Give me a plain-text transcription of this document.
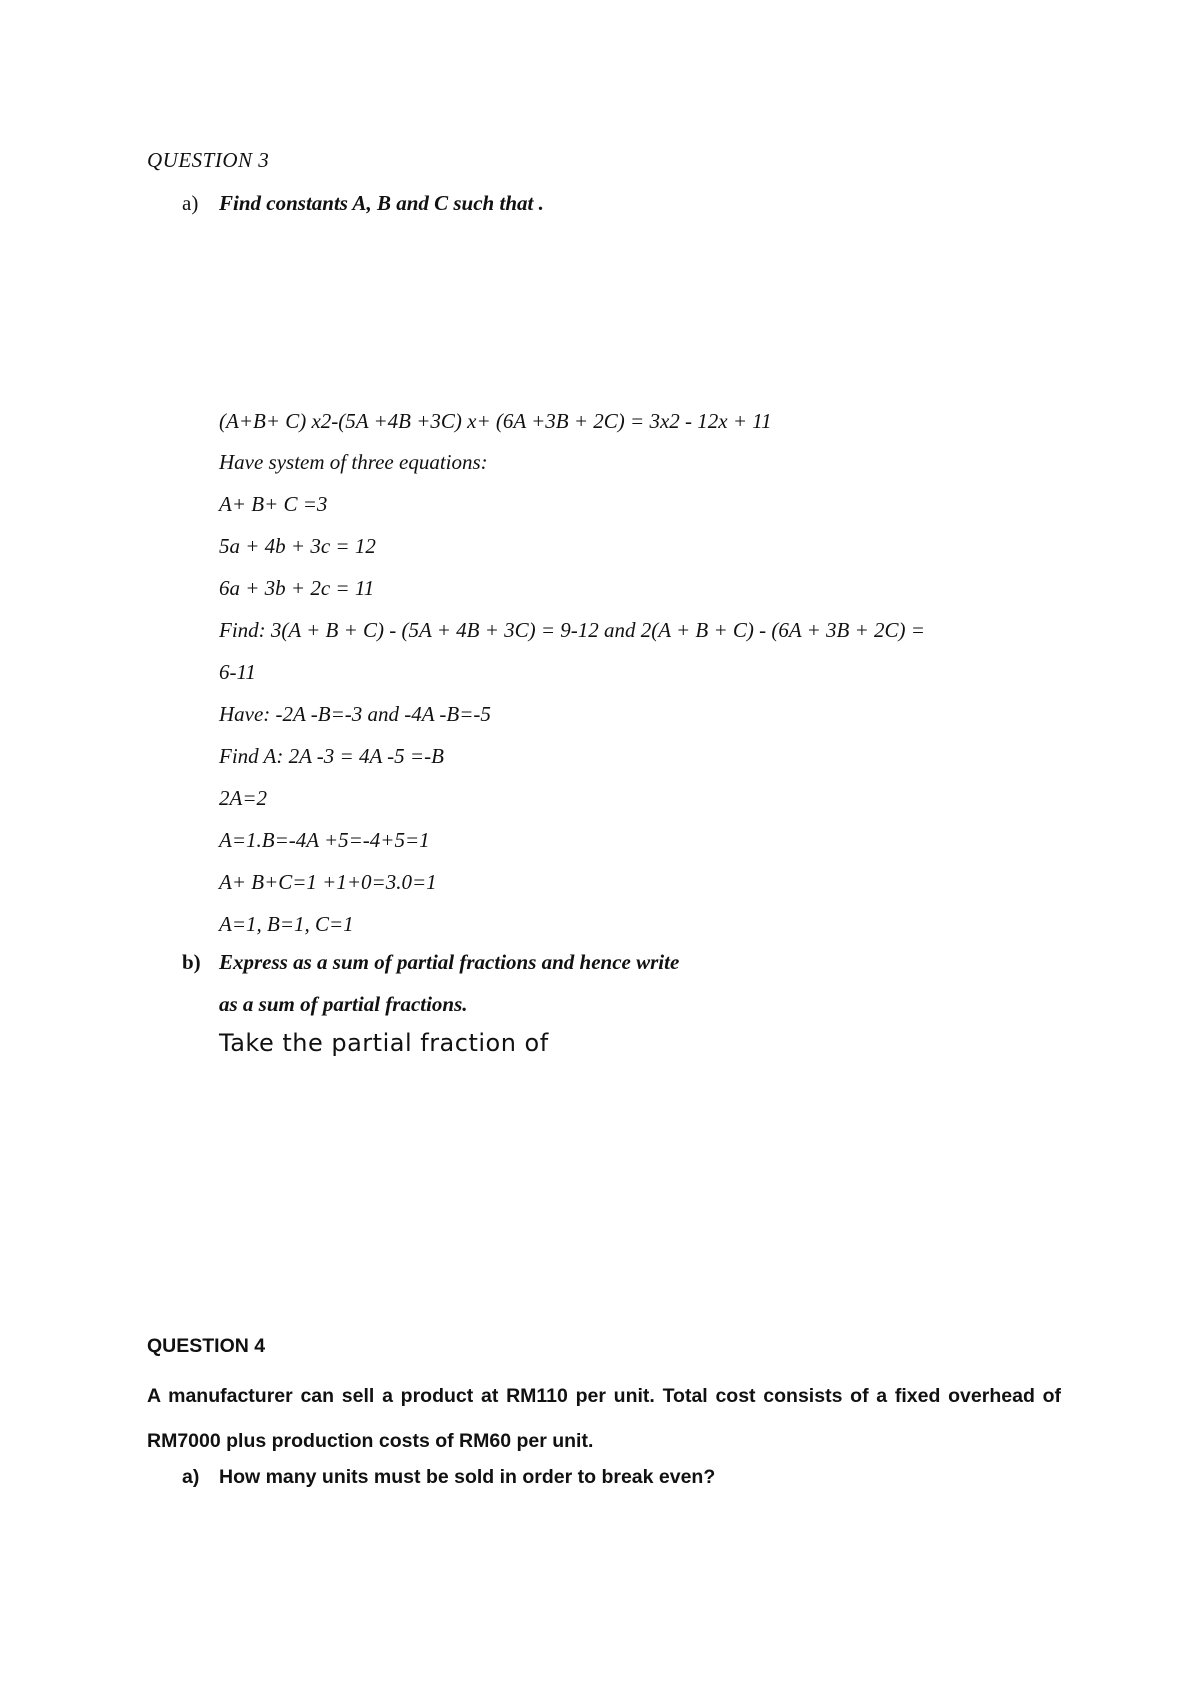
QUESTION 3
a) Find constants A, B and C such that .
(A+B+ C) x2-(5A +4B +3C) x+ (6A +3B + 2C) = 3x2 - 12x + 11
Have system of three equations:
A+ B+ C =3
5a + 4b + 3c = 12
6a + 3b + 2c = 11
Find: 3(A + B + C) - (5A + 4B + 3C) = 9-12 and 2(A + B + C) - (6A + 3B + 2C) =
6-11
Have: -2A -B=-3 and -4A -B=-5
Find A: 2A -3 = 4A -5 =-B
2A=2
A=1.B=-4A +5=-4+5=1
A+ B+C=1 +1+0=3.0=1
A=1, B=1, C=1
b) Express as a sum of partial fractions and hence write
as a sum of partial fractions.
Take the partial fraction of
QUESTION 4
A manufacturer can sell a product at RM110 per unit. Total cost consists of a fixed overhead of RM7000 plus production costs of RM60 per unit.
a) How many units must be sold in order to break even?
